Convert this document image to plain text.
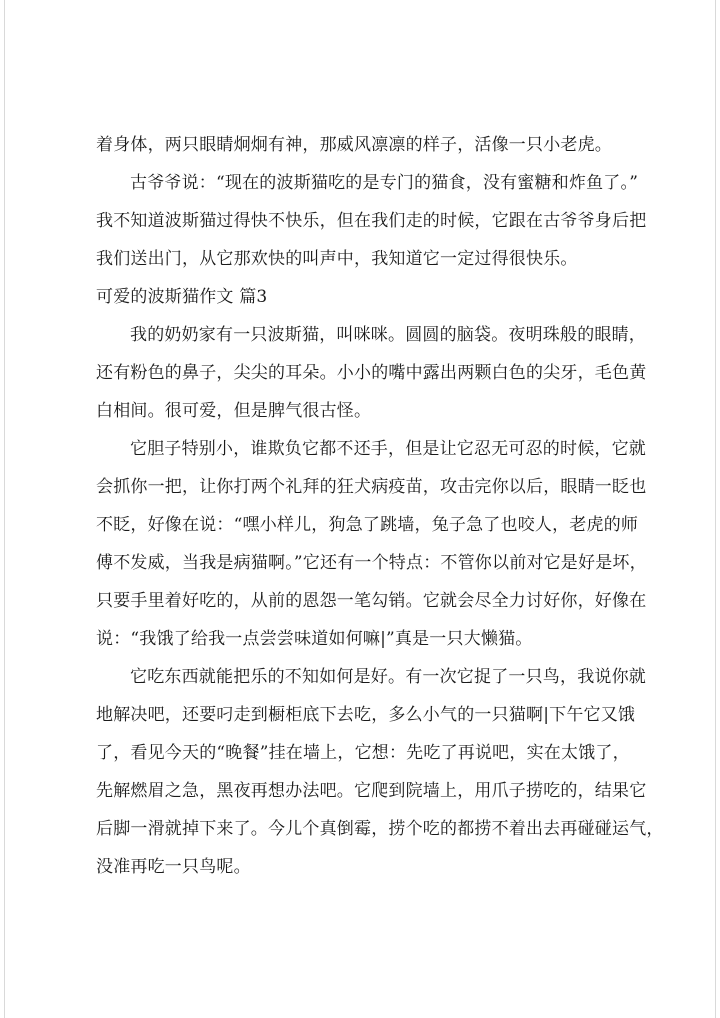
着身体，两只眼睛炯炯有神，那威风凛凛的样子，活像一只小老虎。
古爷爷说：“现在的波斯猫吃的是专门的猫食，没有蜜糖和炸鱼了。”
我不知道波斯猫过得快不快乐，但在我们走的时候，它跟在古爷爷身后把
我们送出门，从它那欢快的叫声中，我知道它一定过得很快乐。
可爱的波斯猫作文 篇3
我的奶奶家有一只波斯猫，叫咪咪。圆圆的脑袋。夜明珠般的眼睛，
还有粉色的鼻子，尖尖的耳朵。小小的嘴中露出两颗白色的尖牙，毛色黄
白相间。很可爱，但是脾气很古怪。
它胆子特别小，谁欺负它都不还手，但是让它忍无可忍的时候，它就
会抓你一把，让你打两个礼拜的狂犬病疫苗，攻击完你以后，眼睛一眨也
不眨，好像在说：“嘿小样儿，狗急了跳墙，兔子急了也咬人，老虎的师
傅不发威，当我是病猫啊。”它还有一个特点：不管你以前对它是好是坏，
只要手里着好吃的，从前的恩怨一笔勾销。它就会尽全力讨好你，好像在
说：“我饿了给我一点尝尝味道如何嘛|”真是一只大懒猫。
它吃东西就能把乐的不知如何是好。有一次它捉了一只鸟，我说你就
地解决吧，还要叼走到橱柜底下去吃，多么小气的一只猫啊|下午它又饿
了，看见今天的“晚餐”挂在墙上，它想：先吃了再说吧，实在太饿了，
先解燃眉之急，黑夜再想办法吧。它爬到院墙上，用爪子捞吃的，结果它
后脚一滑就掉下来了。今儿个真倒霉，捞个吃的都捞不着出去再碰碰运气，
没准再吃一只鸟呢。
